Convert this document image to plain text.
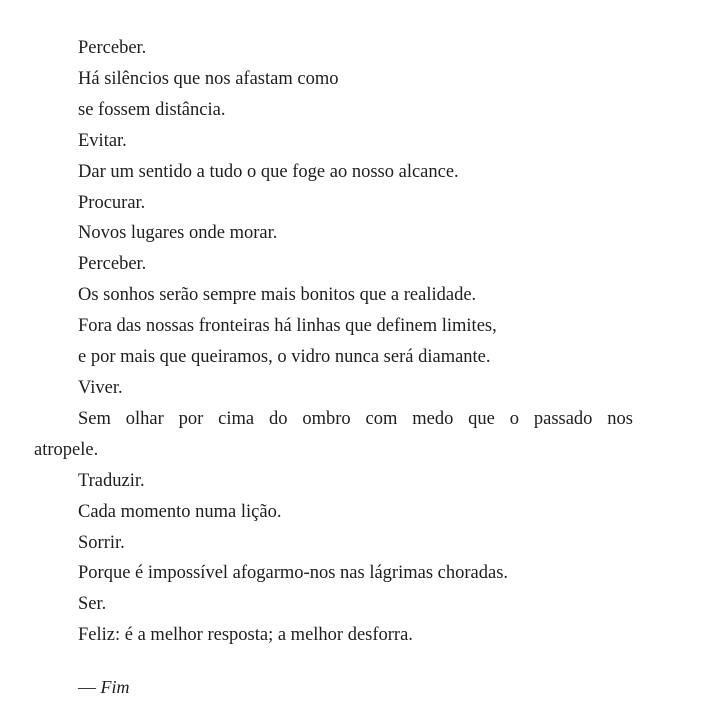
Perceber.

Há silêncios que nos afastam como

se fossem distância.

Evitar.

Dar um sentido a tudo o que foge ao nosso alcance.

Procurar.

Novos lugares onde morar.

Perceber.

Os sonhos serão sempre mais bonitos que a realidade.

Fora das nossas fronteiras há linhas que definem limites,

e por mais que queiramos, o vidro nunca será diamante.

Viver.

Sem olhar por cima do ombro com medo que o passado nos

atropele.

Traduzir.

Cada momento numa lição.

Sorrir.

Porque é impossível afogarmo-nos nas lágrimas choradas.

Ser.

Feliz: é a melhor resposta; a melhor desforra.

— Fim
